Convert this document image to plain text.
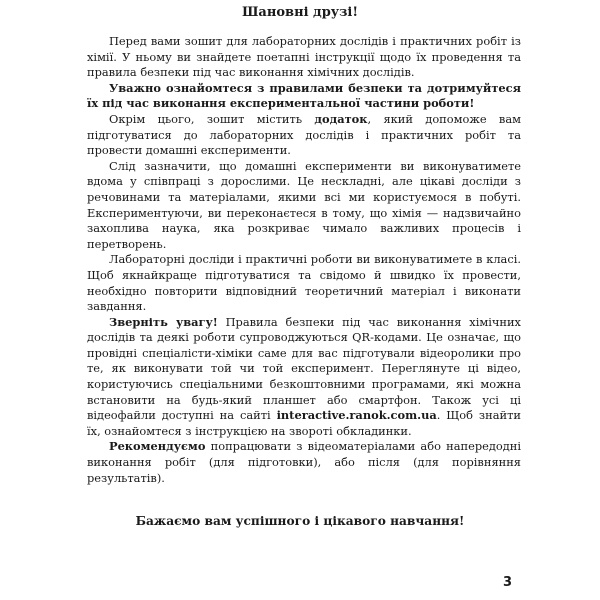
Шановні друзі!

Перед вами зошит для лабораторних дослідів і практичних робіт із хімії. У ньому ви знайдете поетапні інструкції щодо їх проведення та правила безпеки під час виконання хімічних дослідів.

Уважно ознайомтеся з правилами безпеки та дотримуйтеся їх під час виконання експериментальної частини роботи!

Окрім цього, зошит містить додаток, який допоможе вам підготуватися до лабораторних дослідів і практичних робіт та провести домашні експерименти.

Слід зазначити, що домашні експерименти ви виконуватимете вдома у співпраці з дорослими. Це нескладні, але цікаві досліди з речовинами та матеріалами, якими всі ми користуємося в побуті. Експериментуючи, ви переконаєтеся в тому, що хімія — надзвичайно захоплива наука, яка розкриває чимало важливих процесів і перетворень.

Лабораторні досліди і практичні роботи ви виконуватимете в класі. Щоб якнайкраще підготуватися та свідомо й швидко їх провести, необхідно повторити відповідний теоретичний матеріал і виконати завдання.

Зверніть увагу! Правила безпеки під час виконання хімічних дослідів та деякі роботи супроводжуються QR-кодами. Це означає, що провідні спеціалісти-хіміки саме для вас підготували відеоролики про те, як виконувати той чи той експеримент. Переглянуте ці відео, користуючись спеціальними безкоштовними програмами, які можна встановити на будь-який планшет або смартфон. Також усі ці відеофайли доступні на сайті interactive.ranok.com.ua. Щоб знайти їх, ознайомтеся з інструкцією на звороті обкладинки.

Рекомендуємо попрацювати з відеоматеріалами або напередодні виконання робіт (для підготовки), або після (для порівняння результатів).

Бажаємо вам успішного і цікавого навчання!

3
